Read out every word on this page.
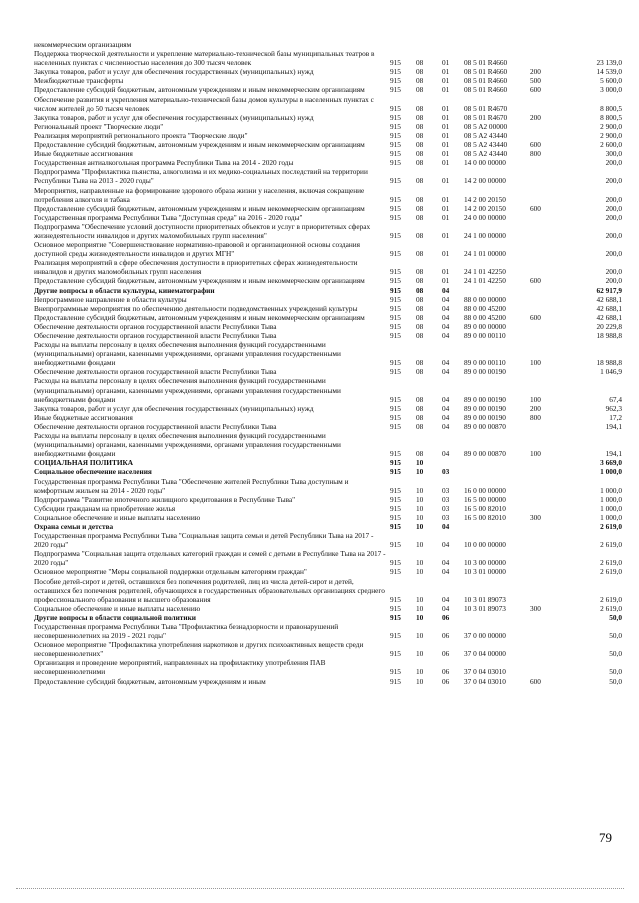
некоммерческим организациям						
Поддержка творческой деятельности и укрепление материально-технической базы муниципальных театров в населенных пунктах с численностью населения до 300 тысяч человек	915	08	01	08 5 01 R4660		23 139,0
Закупка товаров, работ и услуг для обеспечения государственных (муниципальных) нужд	915	08	01	08 5 01 R4660	200	14 539,0
Межбюджетные трансферты	915	08	01	08 5 01 R4660	500	5 600,0
Предоставление субсидий бюджетным, автономным учреждениям и иным некоммерческим организациям	915	08	01	08 5 01 R4660	600	3 000,0
Обеспечение развития и укрепления материально-технической базы домов культуры в населенных пунктах с числом жителей до 50 тысяч человек	915	08	01	08 5 01 R4670		8 800,5
Закупка товаров, работ и услуг для обеспечения государственных (муниципальных) нужд	915	08	01	08 5 01 R4670	200	8 800,5
Региональный проект "Творческие люди"	915	08	01	08 5 A2 00000		2 900,0
Реализация мероприятий регионального проекта "Творческие люди"	915	08	01	08 5 A2 43440		2 900,0
Предоставление субсидий бюджетным, автономным учреждениям и иным некоммерческим организациям	915	08	01	08 5 A2 43440	600	2 600,0
Иные бюджетные ассигнования	915	08	01	08 5 A2 43440	800	300,0
Государственная антиалкогольная программа Республики Тыва на 2014 - 2020 годы	915	08	01	14 0 00 00000		200,0
Подпрограмма "Профилактика пьянства, алкоголизма и их медико-социальных последствий на территории Республики Тыва на 2013 - 2020 годы"	915	08	01	14 2 00 00000		200,0
Мероприятия, направленные на формирование здорового образа жизни у населения, включая сокращение потребления алкоголя и табака	915	08	01	14 2 00 20150		200,0
Предоставление субсидий бюджетным, автономным учреждениям и иным некоммерческим организациям	915	08	01	14 2 00 20150	600	200,0
Государственная программа Республики Тыва "Доступная среда" на 2016 - 2020 годы"	915	08	01	24 0 00 00000		200,0
Подпрограмма "Обеспечение условий доступности приоритетных объектов и услуг в приоритетных сферах жизнедеятельности инвалидов и других маломобильных групп населения"	915	08	01	24 1 00 00000		200,0
Основное мероприятие "Совершенствование нормативно-правовой и организационной основы создания доступной среды жизнедеятельности инвалидов и других МГН"	915	08	01	24 1 01 00000		200,0
Реализация мероприятий в сфере обеспечения доступности в приоритетных сферах жизнедеятельности инвалидов и других маломобильных групп населения	915	08	01	24 1 01 42250		200,0
Предоставление субсидий бюджетным, автономным учреждениям и иным некоммерческим организациям	915	08	01	24 1 01 42250	600	200,0
Другие вопросы в области культуры, кинематографии	915	08	04			62 917,9
Непрограммное направление в области культуры	915	08	04	88 0 00 00000		42 688,1
Внепрограммные мероприятия по обеспечению деятельности подведомственных учреждений культуры	915	08	04	88 0 00 45200		42 688,1
Предоставление субсидий бюджетным, автономным учреждениям и иным некоммерческим организациям	915	08	04	88 0 00 45200	600	42 688,1
Обеспечение деятельности органов государственной власти Республики Тыва	915	08	04	89 0 00 00000		20 229,8
Обеспечение деятельности органов государственной власти Республики Тыва	915	08	04	89 0 00 00110		18 988,8
Расходы на выплаты персоналу в целях обеспечения выполнения функций государственными (муниципальными) органами, казенными учреждениями, органами управления государственными внебюджетными фондами	915	08	04	89 0 00 00110	100	18 988,8
Обеспечение деятельности органов государственной власти Республики Тыва	915	08	04	89 0 00 00190		1 046,9
Расходы на выплаты персоналу в целях обеспечения выполнения функций государственными (муниципальными) органами, казенными учреждениями, органами управления государственными внебюджетными фондами	915	08	04	89 0 00 00190	100	67,4
Закупка товаров, работ и услуг для обеспечения государственных (муниципальных) нужд	915	08	04	89 0 00 00190	200	962,3
Иные бюджетные ассигнования	915	08	04	89 0 00 00190	800	17,2
Обеспечение деятельности органов государственной власти Республики Тыва	915	08	04	89 0 00 00870		194,1
Расходы на выплаты персоналу в целях обеспечения выполнения функций государственными (муниципальными) органами, казенными учреждениями, органами управления государственными внебюджетными фондами	915	08	04	89 0 00 00870	100	194,1
СОЦИАЛЬНАЯ ПОЛИТИКА	915	10				3 669,0
Социальное обеспечение населения	915	10	03			1 000,0
Государственная программа Республики Тыва "Обеспечение жителей Республики Тыва доступным и комфортным жильем на 2014 - 2020 годы"	915	10	03	16 0 00 00000		1 000,0
Подпрограмма "Развитие ипотечного жилищного кредитования в Республике Тыва"	915	10	03	16 5 00 00000		1 000,0
Субсидии гражданам на приобретение жилья	915	10	03	16 5 00 82010		1 000,0
Социальное обеспечение и иные выплаты населению	915	10	03	16 5 00 82010	300	1 000,0
Охрана семьи и детства	915	10	04			2 619,0
Государственная программа Республики Тыва "Социальная защита семьи и детей Республики Тыва на 2017 - 2020 годы"	915	10	04	10 0 00 00000		2 619,0
Подпрограмма "Социальная защита отдельных категорий граждан и семей с детьми в Республике Тыва на 2017 - 2020 годы"	915	10	04	10 3 00 00000		2 619,0
Основное мероприятие "Меры социальной поддержки отдельным категориям граждан"	915	10	04	10 3 01 00000		2 619,0
Пособие детей-сирот и детей, оставшихся без попечения родителей, лиц из числа детей-сирот и детей, оставшихся без попечения родителей, обучающихся в государственных образовательных организациях среднего профессионального образования и высшего образования	915	10	04	10 3 01 89073		2 619,0
Социальное обеспечение и иные выплаты населению	915	10	04	10 3 01 89073	300	2 619,0
Другие вопросы в области социальной политики	915	10	06			50,0
Государственная программа Республики Тыва "Профилактика безнадзорности и правонарушений несовершеннолетних на 2019 - 2021 годы"	915	10	06	37 0 00 00000		50,0
Основное мероприятие "Профилактика употребления наркотиков и других психоактивных веществ среди несовершеннолетних"	915	10	06	37 0 04 00000		50,0
Организация и проведение мероприятий, направленных на профилактику употребления ПАВ несовершеннолетними	915	10	06	37 0 04 03010		50,0
Предоставление субсидий бюджетным, автономным учреждениям и иным	915	10	06	37 0 04 03010	600	50,0
79
